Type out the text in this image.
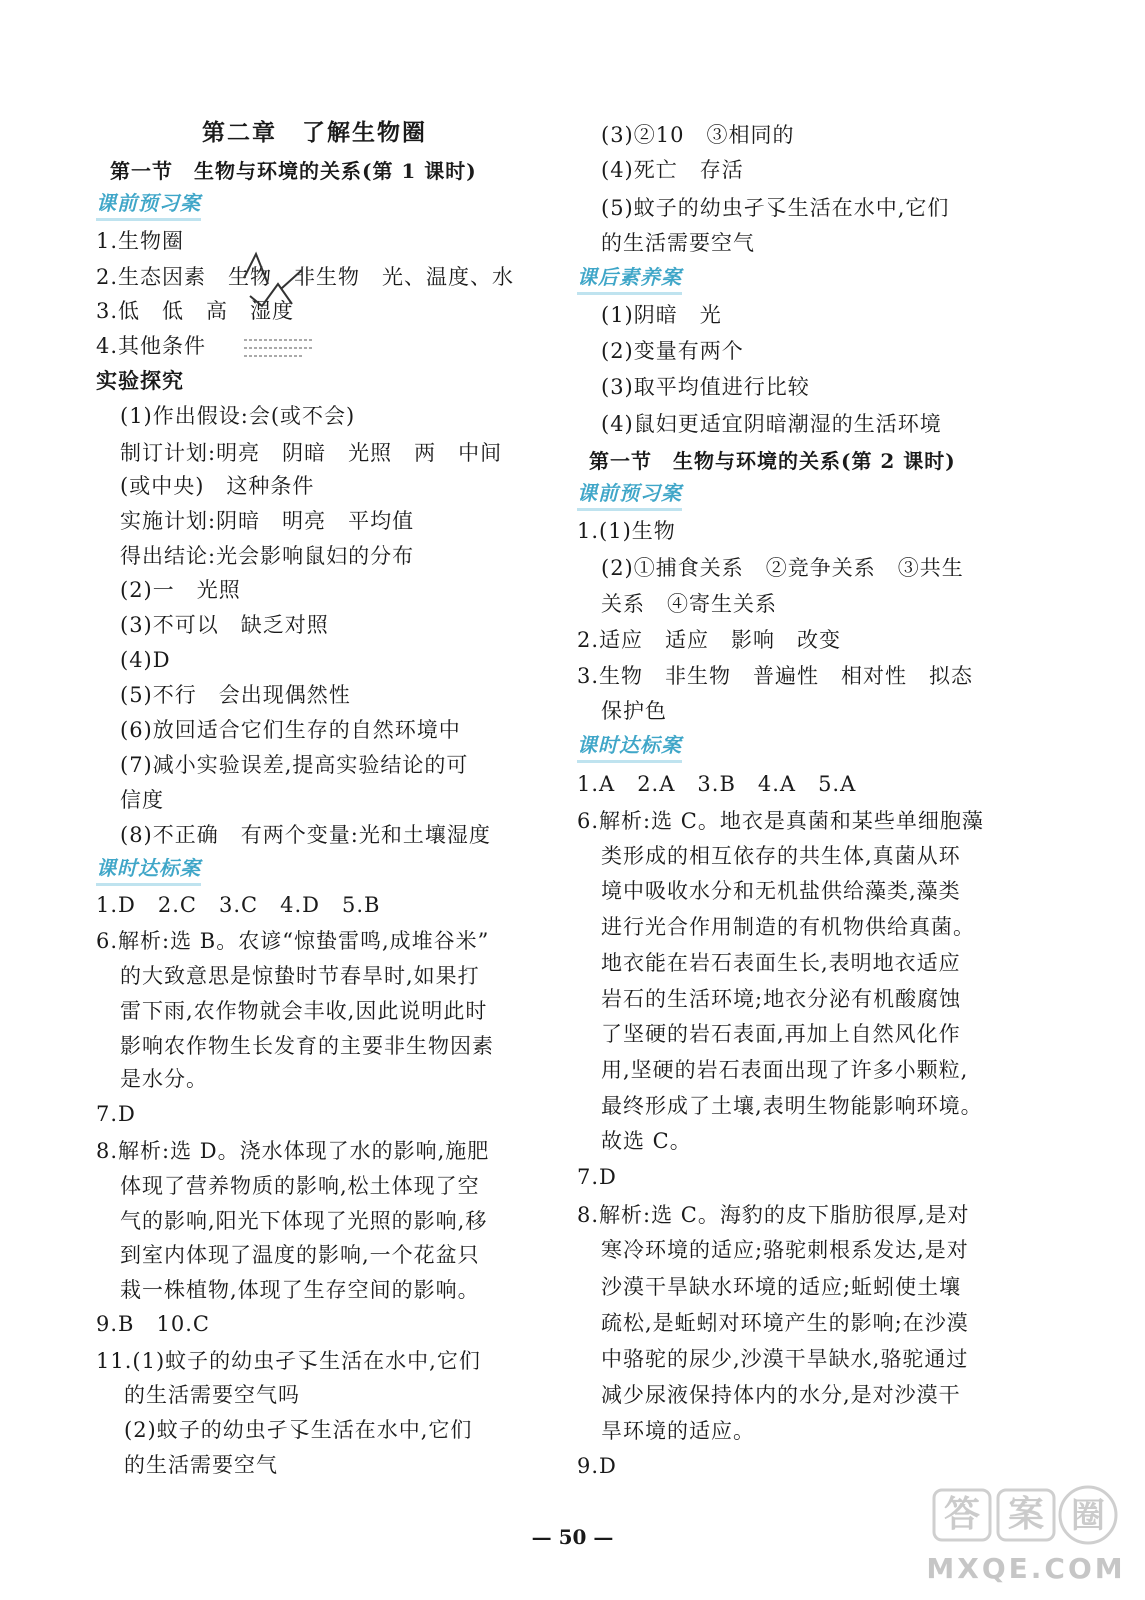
第二章　了解生物圈
第一节　生物与环境的关系(第 1 课时)
课前预习案
1.生物圈
2.生态因素　生物　非生物　光、温度、水
3.低　低　高　湿度
4.其他条件
实验探究
(1)作出假设:会(或不会)
制订计划:明亮　阴暗　光照　两　中间
(或中央)　这种条件
实施计划:阴暗　明亮　平均值
得出结论:光会影响鼠妇的分布
(2)一　光照
(3)不可以　缺乏对照
(4)D
(5)不行　会出现偶然性
(6)放回适合它们生存的自然环境中
(7)减小实验误差,提高实验结论的可
信度
(8)不正确　有两个变量:光和土壤湿度
课时达标案
1.D　2.C　3.C　4.D　5.B
6.解析:选 B。农谚“惊蛰雷鸣,成堆谷米”
的大致意思是惊蛰时节春旱时,如果打
雷下雨,农作物就会丰收,因此说明此时
影响农作物生长发育的主要非生物因素
是水分。
7.D
8.解析:选 D。浇水体现了水的影响,施肥
体现了营养物质的影响,松土体现了空
气的影响,阳光下体现了光照的影响,移
到室内体现了温度的影响,一个花盆只
栽一株植物,体现了生存空间的影响。
9.B　10.C
11.(1)蚊子的幼虫孑孓生活在水中,它们
的生活需要空气吗
(2)蚊子的幼虫孑孓生活在水中,它们
的生活需要空气
(3)②10　③相同的
(4)死亡　存活
(5)蚊子的幼虫孑孓生活在水中,它们
的生活需要空气
课后素养案
(1)阴暗　光
(2)变量有两个
(3)取平均值进行比较
(4)鼠妇更适宜阴暗潮湿的生活环境
第一节　生物与环境的关系(第 2 课时)
课前预习案
1.(1)生物
(2)①捕食关系　②竞争关系　③共生
关系　④寄生关系
2.适应　适应　影响　改变
3.生物　非生物　普遍性　相对性　拟态
保护色
课时达标案
1.A　2.A　3.B　4.A　5.A
6.解析:选 C。地衣是真菌和某些单细胞藻
类形成的相互依存的共生体,真菌从环
境中吸收水分和无机盐供给藻类,藻类
进行光合作用制造的有机物供给真菌。
地衣能在岩石表面生长,表明地衣适应
岩石的生活环境;地衣分泌有机酸腐蚀
了坚硬的岩石表面,再加上自然风化作
用,坚硬的岩石表面出现了许多小颗粒,
最终形成了土壤,表明生物能影响环境。
故选 C。
7.D
8.解析:选 C。海豹的皮下脂肪很厚,是对
寒冷环境的适应;骆驼刺根系发达,是对
沙漠干旱缺水环境的适应;蚯蚓使土壤
疏松,是蚯蚓对环境产生的影响;在沙漠
中骆驼的尿少,沙漠干旱缺水,骆驼通过
减少尿液保持体内的水分,是对沙漠干
旱环境的适应。
9.D
— 50 —
答 案 圈
MXQE.COM
